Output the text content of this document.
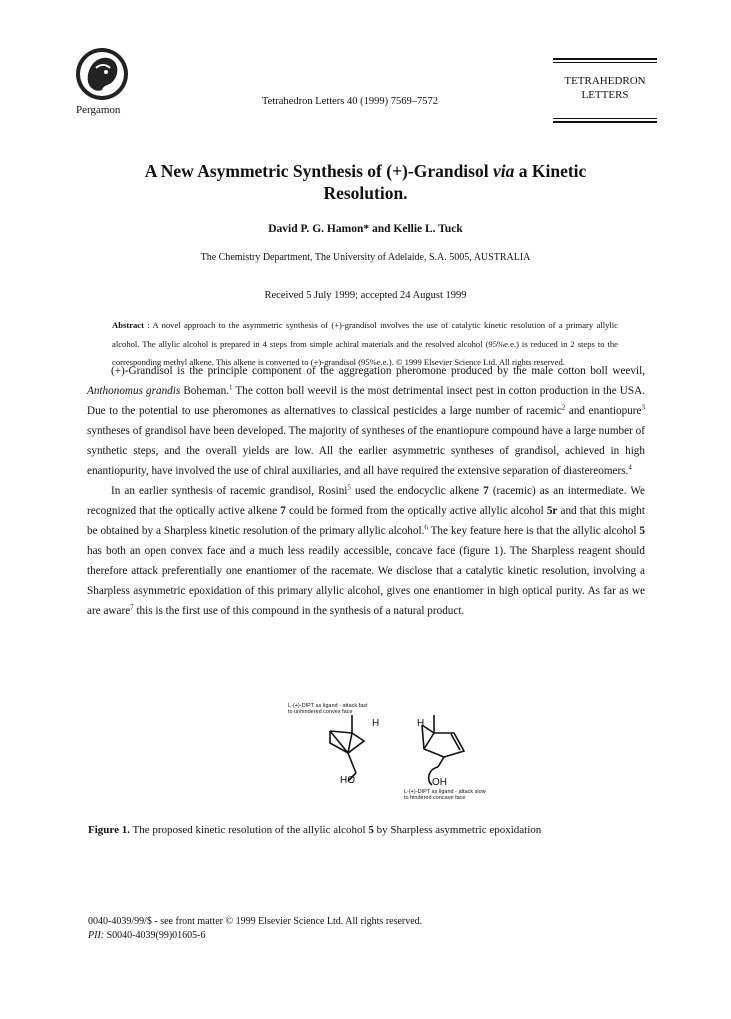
Pergamon
Tetrahedron Letters 40 (1999) 7569–7572
TETRAHEDRON
LETTERS
A New Asymmetric Synthesis of (+)-Grandisol via a Kinetic
Resolution.
David P. G. Hamon* and Kellie L. Tuck
The Chemistry Department, The University of Adelaide, S.A. 5005, AUSTRALIA
Received 5 July 1999; accepted 24 August 1999
Abstract : A novel approach to the asymmetric synthesis of (+)-grandisol involves the use of catalytic kinetic resolution of a primary allylic alcohol. The allylic alcohol is prepared in 4 steps from simple achiral materials and the resolved alcohol (95%e.e.) is reduced in 2 steps to the corresponding methyl alkene. This alkene is converted to (+)-grandisol (95%e.e.). © 1999 Elsevier Science Ltd. All rights reserved.

(+)-Grandisol is the principle component of the aggregation pheromone produced by the male cotton boll weevil, Anthonomus grandis Boheman.$^1$ The cotton boll weevil is the most detrimental insect pest in cotton production in the USA. Due to the potential to use pheromones as alternatives to classical pesticides a large number of racemic$^2$ and enantiopure$^3$ syntheses of grandisol have been developed. The majority of syntheses of the enantiopure compound have a large number of synthetic steps, and the overall yields are low. All the earlier asymmetric syntheses of grandisol, achieved in high enantiopurity, have involved the use of chiral auxiliaries, and all have required the extensive separation of diastereomers.$^4$

In an earlier synthesis of racemic grandisol, Rosini$^5$ used the endocyclic alkene 7 (racemic) as an intermediate. We recognized that the optically active alkene 7 could be formed from the optically active allylic alcohol 5r and that this might be obtained by a Sharpless kinetic resolution of the primary allylic alcohol.$^6$ The key feature here is that the allylic alcohol 5 has both an open convex face and a much less readily accessible, concave face (figure 1). The Sharpless reagent should therefore attack preferentially one enantiomer of the racemate. We disclose that a catalytic kinetic resolution, involving a Sharpless asymmetric epoxidation of this primary allylic alcohol, gives one enantiomer in high optical purity. As far as we are aware$^7$ this is the first use of this compound in the synthesis of a natural product.

L-(+)-DIPT as ligand - attack fast
to unhindered convex face
H	H
HO	OH
L-(+)-DIPT as ligand - attack slow
to hindered concave face
Figure 1. The proposed kinetic resolution of the allylic alcohol 5 by Sharpless asymmetric epoxidation
0040-4039/99/$ - see front matter © 1999 Elsevier Science Ltd. All rights reserved.
PII: S0040-4039(99)01605-6
